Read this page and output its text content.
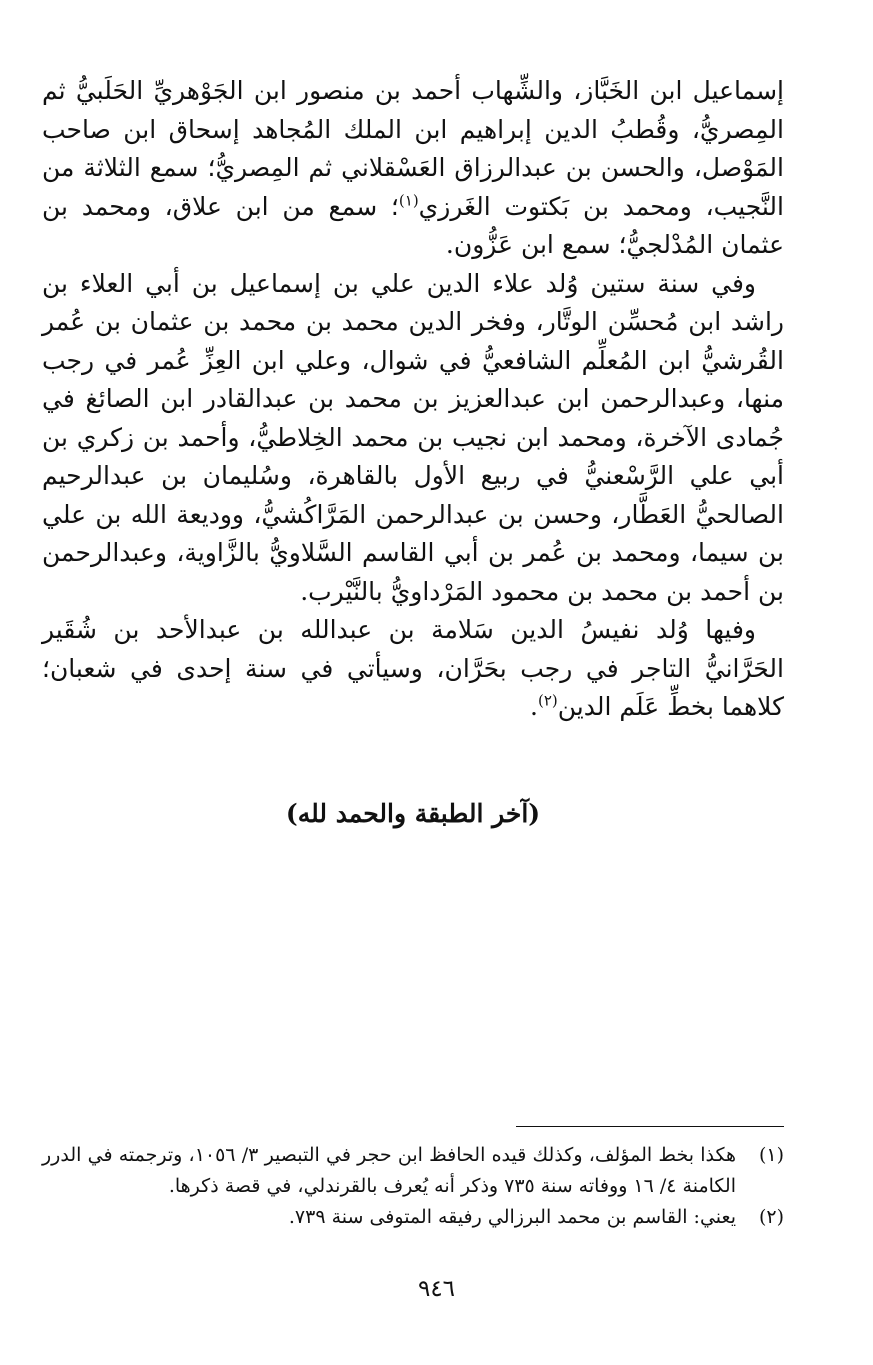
إسماعيل ابن الخَبَّاز، والشِّهاب أحمد بن منصور ابن الجَوْهريِّ الحَلَبيُّ ثم المِصريُّ، وقُطبُ الدين إبراهيم ابن الملك المُجاهد إسحاق ابن صاحب المَوْصل، والحسن بن عبدالرزاق العَسْقلاني ثم المِصريُّ؛ سمع الثلاثة من النَّجيب، ومحمد بن بَكتوت الغَرزي$^{(١)}$؛ سمع من ابن علاق، ومحمد بن عثمان المُدْلجيُّ؛ سمع ابن عَزُّون.

وفي سنة ستين وُلد علاء الدين علي بن إسماعيل بن أبي العلاء بن راشد ابن مُحسِّن الوتَّار، وفخر الدين محمد بن محمد بن عثمان بن عُمر القُرشيُّ ابن المُعلِّم الشافعيُّ في شوال، وعلي ابن العِزِّ عُمر في رجب منها، وعبدالرحمن ابن عبدالعزيز بن محمد بن عبدالقادر ابن الصائغ في جُمادى الآخرة، ومحمد ابن نجيب بن محمد الخِلاطيُّ، وأحمد بن زكري بن أبي علي الرَّسْعنيُّ في ربيع الأول بالقاهرة، وسُليمان بن عبدالرحيم الصالحيُّ العَطَّار، وحسن بن عبدالرحمن المَرَّاكُشيُّ، ووديعة الله بن علي بن سيما، ومحمد بن عُمر بن أبي القاسم السَّلاويُّ بالزَّاوية، وعبدالرحمن بن أحمد بن محمد بن محمود المَرْداويُّ بالنَّيْرب.

وفيها وُلد نفيسُ الدين سَلامة بن عبدالله بن عبدالأحد بن شُقَير الحَرَّانيُّ التاجر في رجب بحَرَّان، وسيأتي في سنة إحدى في شعبان؛ كلاهما بخطِّ عَلَم الدين$^{(٢)}$.

(آخر الطبقة والحمد لله)
(١)
هكذا بخط المؤلف، وكذلك قيده الحافظ ابن حجر في التبصير ٣/ ١٠٥٦، وترجمته في الدرر الكامنة ٤/ ١٦ ووفاته سنة ٧٣٥ وذكر أنه يُعرف بالقرندلي، في قصة ذكرها.
(٢)
يعني: القاسم بن محمد البرزالي رفيقه المتوفى سنة ٧٣٩.
٩٤٦
